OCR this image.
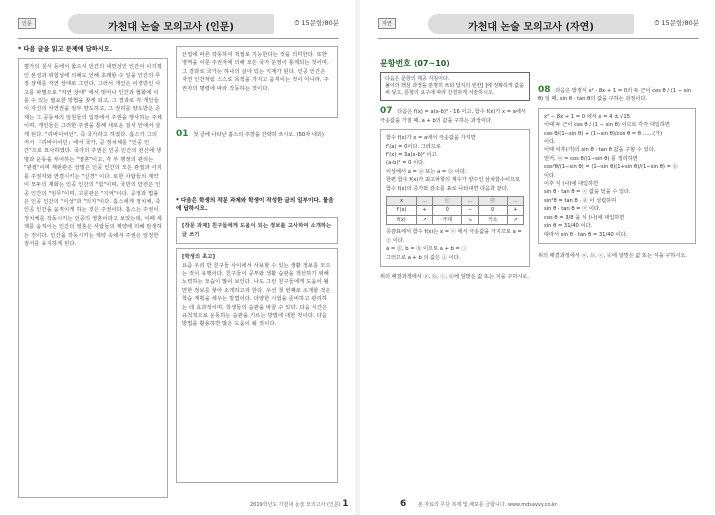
인문	가천대 논술 모의고사 (인문)	⏱ 15문항/80분
* 다음 글을 읽고 문제에 답하시오.
평가의 실시 등에서 옳으시 인간의 내면성인 인간이 이기적인 본성과 위험성에 의해도 인해 초래할 수 일을 인간의 무장 상태를 자연 상태로 그린다. 그러서 개인은 이것만인 사고를 파멸으로 "자연 상태" 에서 벗어나 인간과 협화에 이를 수 있는 필요한 방법을 찾게 되고, 그 결과로 각 개인들이 자신의 자연권을 일부 양도하고, 그 권리를 양도받은 존재는 그 공동체의 일원들의 입장에서 주권을 행사하는 주체이며, 개인들은 그러한 주권을 통해 새로운 질서 안에서 살게 된다. "리바이어던", 즉 국가라고 하였다. 흡스가 그의 저서 『리바이어던』에서 국가, 곧 정치체를 "인공 인간"으로 묘사하였다. 국가의 주권은 인공 인간의 전신에 생명과 운동을 부여하는 "영혼"이고, 각 부 행정의 관리는 "관절"이며 재판관은 상벌은 인공 인간의 모든 관절과 사지를 주권자와 연결시키는 "신경" 이다. 또한 사람들의 계약이 모두의 재화는 인공 인간의 "힘"이며, 국민의 안전은 인공 인간의 "임무"이며, 고문관은 "기억"이다. 공정과 법률은 인공 인간의 "이성"과 "의지"이다. 흡스에게 정치체, 즉 인공 인간을 움직이게 하는 것은 주권이다. 흡스는 주권이 정치체를 작동시키는 인공의 영혼이라고 보았는데, 이때 세계를 움직이는 인간의 영혼은 사람들의 계약에 의해 탄생하는 것이다. 인간을 작동시키는 계약 속에서 주권은 일정한 질서를 유지하게 된다.
산업에 따른 작동하여 적절로 기능한다는 것을 의미한다. 또한 영역을 이룬 주권자에 의해 모든 국가 운영이 통제되는 것이며, 그 결과로 국가는 하나의 살아 있는 기계가 된다. 인공 인간은 자연 인간처럼 스스로 목적을 가지고 움직이는 것이 아니라, 주권자의 명령에 따라 작동하는 것이다.
01 첫 글에 나타난 홉스의 주장을 간략히 쓰시오. (50자 내외)
* 다음은 학생의 작문 과제와 학생이 작성한 글의 일부이다. 물음에 답하시오.
[작문 과제] 친구들에게 도움이 되는 정보를 고사하여 소개하는 글 쓰기
[학생의 초고]
요즘 우리 반 친구들 사이에서 사용할 수 있는 생활 정보를 모으는 것이 유행이다. 친구들이 공부와 생활 습관을 개선하기 위해 노력하는 모습이 많이 보인다. 나도 그런 친구들에게 도움이 될 만한 정보를 찾아 소개하고자 한다. 우선 첫 번째로 소개할 것은 학습 계획을 세우는 방법이다. 다양한 시험을 준비하고 관리하는 데 효과적이며, 학생들의 습관을 바꿀 수 있다. 다음 시간은 규칙적으로 운동하는 습관을 기르는 방법에 대한 것이다. 다음 방법을 활용하면 많은 도움이 될 것이다.
2019학년도 가천대 논술 모의고사 (인문) 1
자연	가천대 논술 모의고사 (자연)	⏱ 15문항/80분
문항번호 ⟨07~10⟩
다음은 문항의 제공 지침이다.
풀이의 핵심 과정을 분명히 쓰되 답지의 빈칸[ ]에 정확하게 값을 써 넣고, 문항의 요구에 따라 간결하게 서술하시오.
07 다음은 f(x) = a(x-b)³ - 16 이고, 함수 f(x)가 x = a에서 극솟값을 가질 때, a + b의 값을 구하는 과정이다.
함수 f(x)가 x = a에서 극솟값을 가지면
f'(a) = 0이다. 그러므로
f'(x) = 3a(x-b)² 이고
(a-b)² = 0 이다.
이상에서 a = ⓐ 또는 a = ⓑ 이다.
한편 함수 f(x)가 최고차항의 계수가 양수인 삼차함수이므로 함수 f(x)의 증가와 감소를 표로 나타내면 다음과 같다.
x	…	ⓒ	…	ⓓ	…
f'(x)	+	0	−	0	+
f(x)	↗	극대	↘	극소	↗
증감표에서 함수 f(x)는 x = ⓔ 에서 극솟값을 가지므로 a = ⓕ 이다.
a = ⓖ, b = ⓗ 이므로 a + b = ⓘ
그러므로 a + b 의 값은 ⓙ 이다.
위의 해결과정에서 ⓐ, ⓑ, ⓒ, ⓓ에 알맞은 값 또는 식을 구하시오.
08 다음은 방정식 x² - 8x + 1 = 0의 두 근이 cos θ / (1 − sin θ) 일 때, sin θ · tan θ의 값을 구하는 과정이다.
x² − 8x + 1 = 0 에서 x = 4 ± √15
이때 두 근이 cos θ / (1 − sin θ) 이므로 각각 대입하면
cos θ/(1−sin θ) + (1−sin θ)/cos θ = 8 ……(가)
이다.
이때 이후(가)의 sin θ · tan θ 값을 구할 수 있다.
먼저, ⓐ = cos θ/(1−sin θ) 를 정리하면
cos²θ/(1−sin θ) = (1−sin θ)(1+sin θ)/(1−sin θ) = ⓑ
이다.
이후 식 (나)에 대입하면
sin θ · tan θ = ⓒ 값을 얻을 수 있다.
sin²θ = tan θ · ⓓ 이 성립하며
sin θ · tan θ = ⓔ 이다.
cos θ = 3/8 을 식 (나)에 대입하면
sin θ = 31/40 이다.
따라서 sin θ · tan θ = 31/40 이다.
위의 해결과정에서 ⓐ, ⓑ, ⓒ, ⓓ에 알맞은 값 또는 식을 구하시오.
6 본 자료의 무단 복제 및 배포를 금합니다. www.mdsavvy.co.kr
